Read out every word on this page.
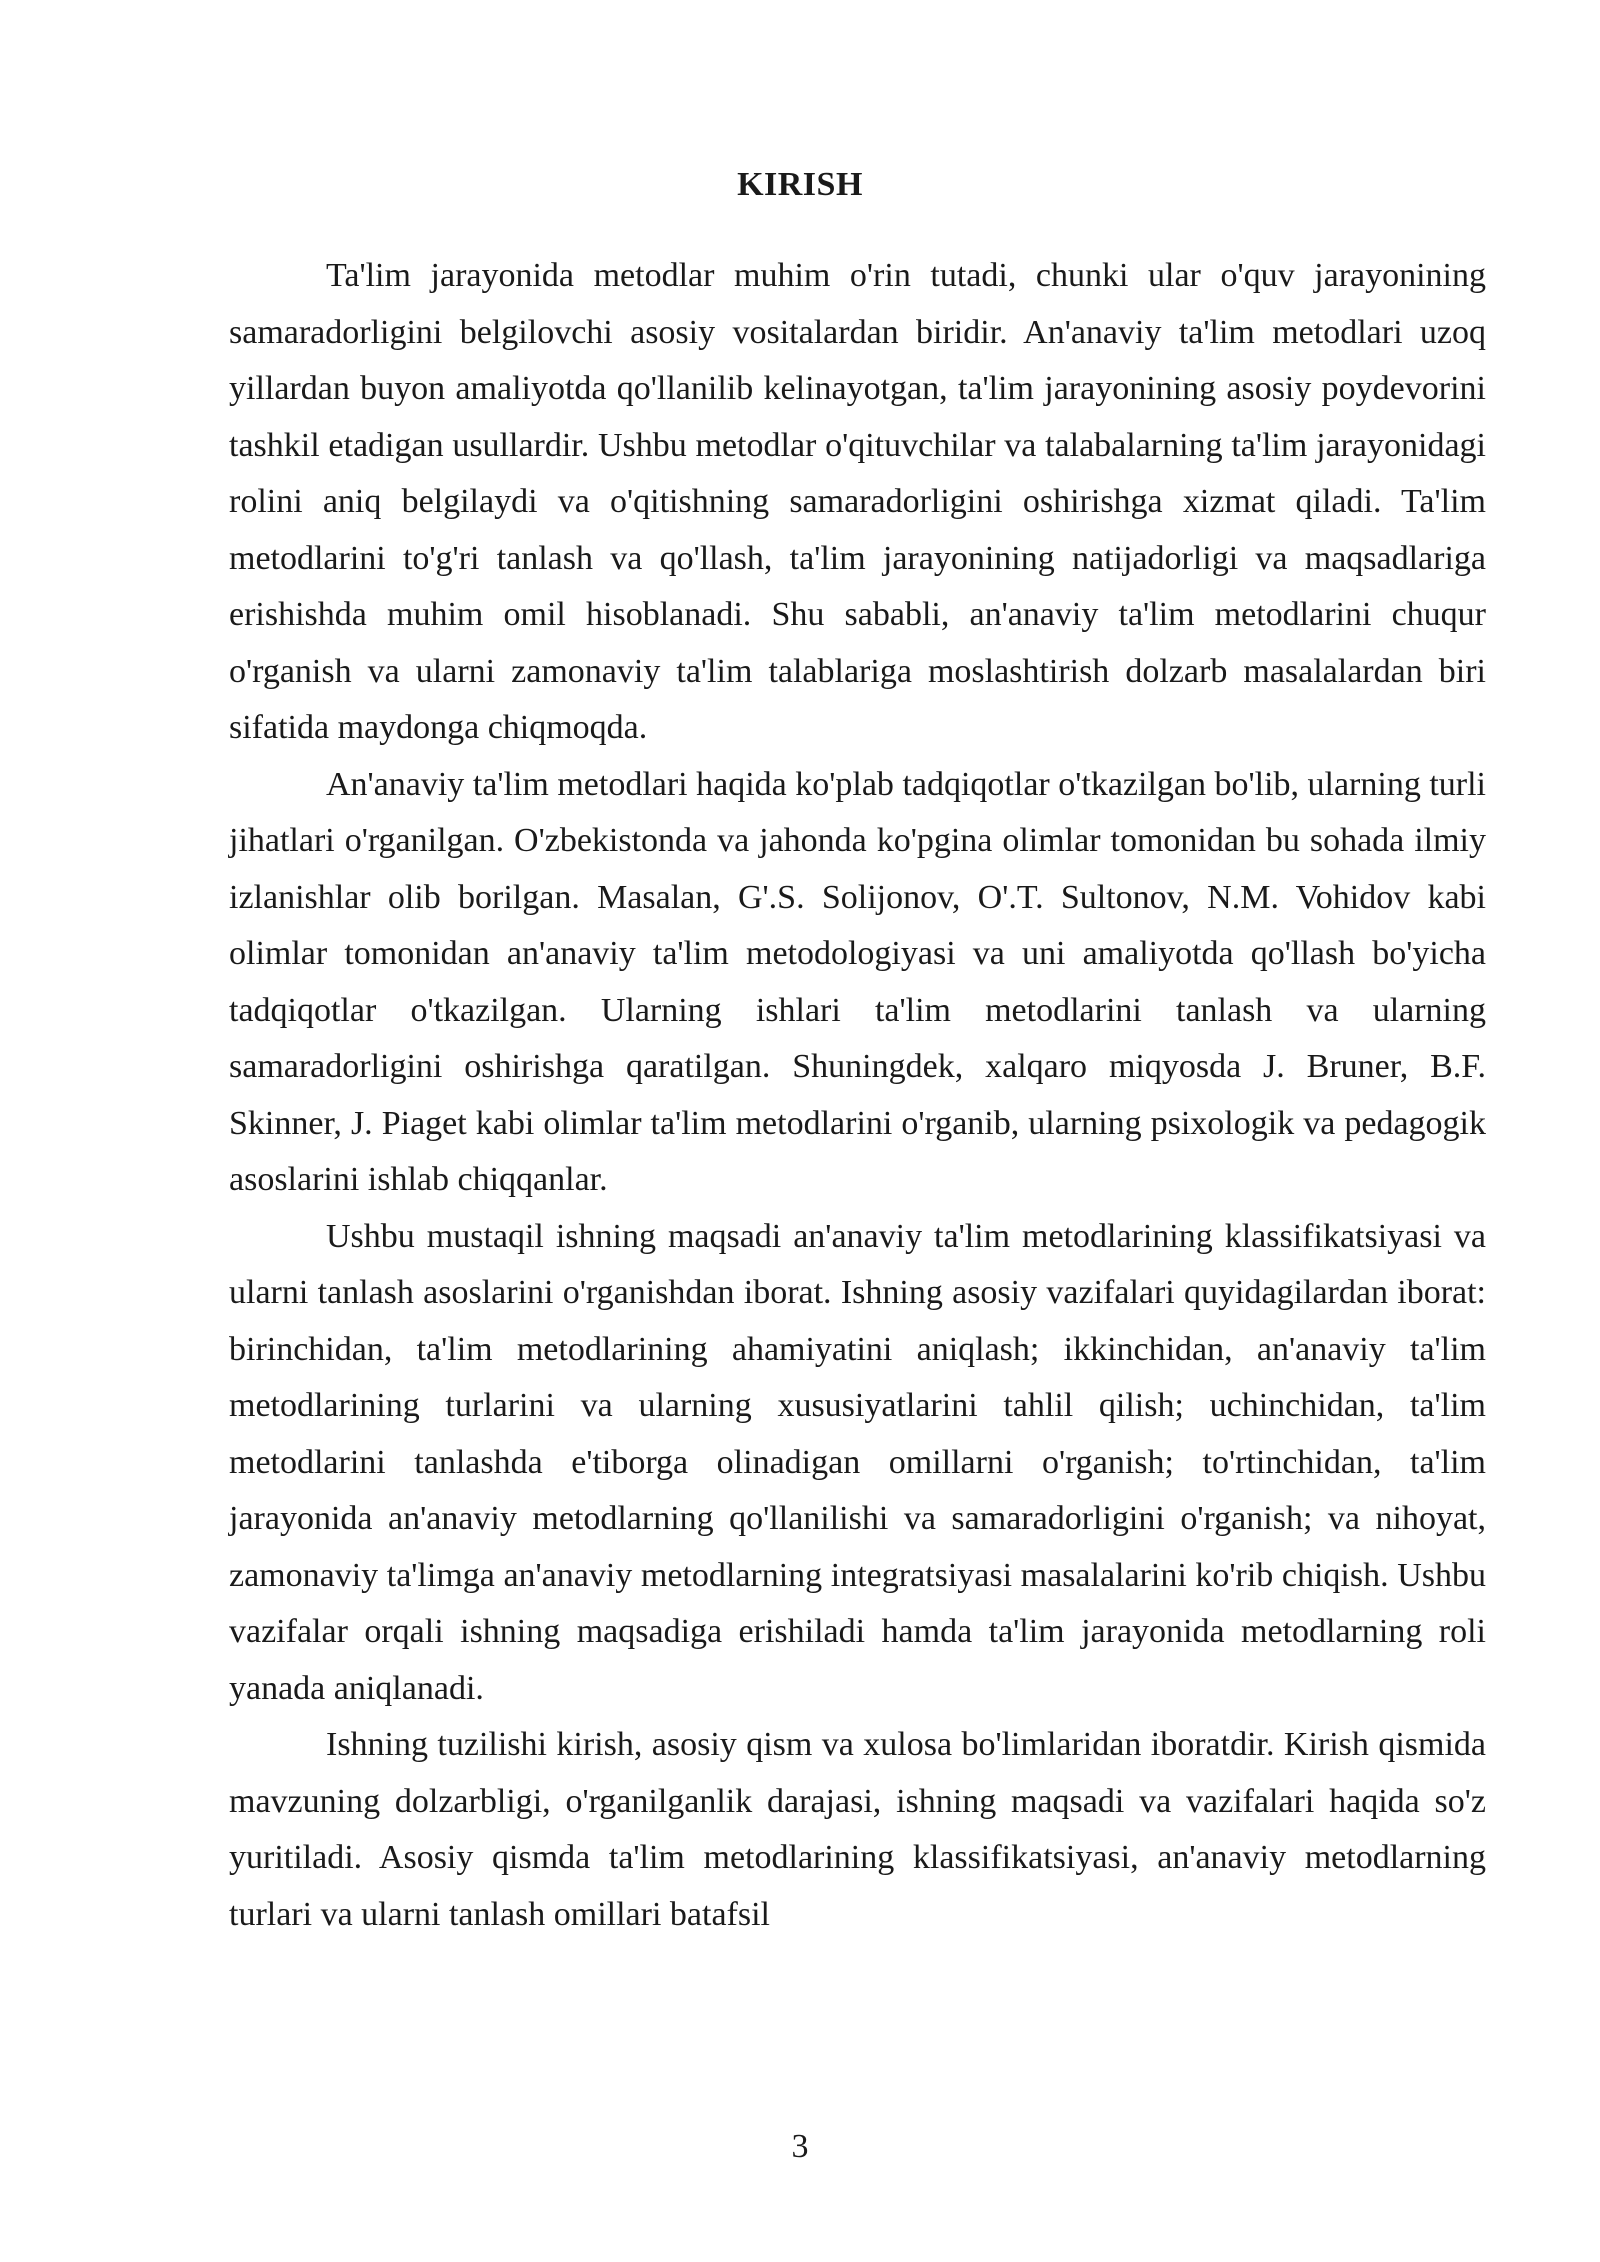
KIRISH

Ta'lim jarayonida metodlar muhim o'rin tutadi, chunki ular o'quv jarayonining samaradorligini belgilovchi asosiy vositalardan biridir. An'anaviy ta'lim metodlari uzoq yillardan buyon amaliyotda qo'llanilib kelinayotgan, ta'lim jarayonining asosiy poydevorini tashkil etadigan usullardir. Ushbu metodlar o'qituvchilar va talabalarning ta'lim jarayonidagi rolini aniq belgilaydi va o'qitishning samaradorligini oshirishga xizmat qiladi. Ta'lim metodlarini to'g'ri tanlash va qo'llash, ta'lim jarayonining natijadorligi va maqsadlariga erishishda muhim omil hisoblanadi. Shu sababli, an'anaviy ta'lim metodlarini chuqur o'rganish va ularni zamonaviy ta'lim talablariga moslashtirish dolzarb masalalardan biri sifatida maydonga chiqmoqda.

An'anaviy ta'lim metodlari haqida ko'plab tadqiqotlar o'tkazilgan bo'lib, ularning turli jihatlari o'rganilgan. O'zbekistonda va jahonda ko'pgina olimlar tomonidan bu sohada ilmiy izlanishlar olib borilgan. Masalan, G'.S. Solijonov, O'.T. Sultonov, N.M. Vohidov kabi olimlar tomonidan an'anaviy ta'lim metodologiyasi va uni amaliyotda qo'llash bo'yicha tadqiqotlar o'tkazilgan. Ularning ishlari ta'lim metodlarini tanlash va ularning samaradorligini oshirishga qaratilgan. Shuningdek, xalqaro miqyosda J. Bruner, B.F. Skinner, J. Piaget kabi olimlar ta'lim metodlarini o'rganib, ularning psixologik va pedagogik asoslarini ishlab chiqqanlar.

Ushbu mustaqil ishning maqsadi an'anaviy ta'lim metodlarining klassifikatsiyasi va ularni tanlash asoslarini o'rganishdan iborat. Ishning asosiy vazifalari quyidagilardan iborat: birinchidan, ta'lim metodlarining ahamiyatini aniqlash; ikkinchidan, an'anaviy ta'lim metodlarining turlarini va ularning xususiyatlarini tahlil qilish; uchinchidan, ta'lim metodlarini tanlashda e'tiborga olinadigan omillarni o'rganish; to'rtinchidan, ta'lim jarayonida an'anaviy metodlarning qo'llanilishi va samaradorligini o'rganish; va nihoyat, zamonaviy ta'limga an'anaviy metodlarning integratsiyasi masalalarini ko'rib chiqish. Ushbu vazifalar orqali ishning maqsadiga erishiladi hamda ta'lim jarayonida metodlarning roli yanada aniqlanadi.

Ishning tuzilishi kirish, asosiy qism va xulosa bo'limlaridan iboratdir. Kirish qismida mavzuning dolzarbligi, o'rganilganlik darajasi, ishning maqsadi va vazifalari haqida so'z yuritiladi. Asosiy qismda ta'lim metodlarining klassifikatsiyasi, an'anaviy metodlarning turlari va ularni tanlash omillari batafsil

3
